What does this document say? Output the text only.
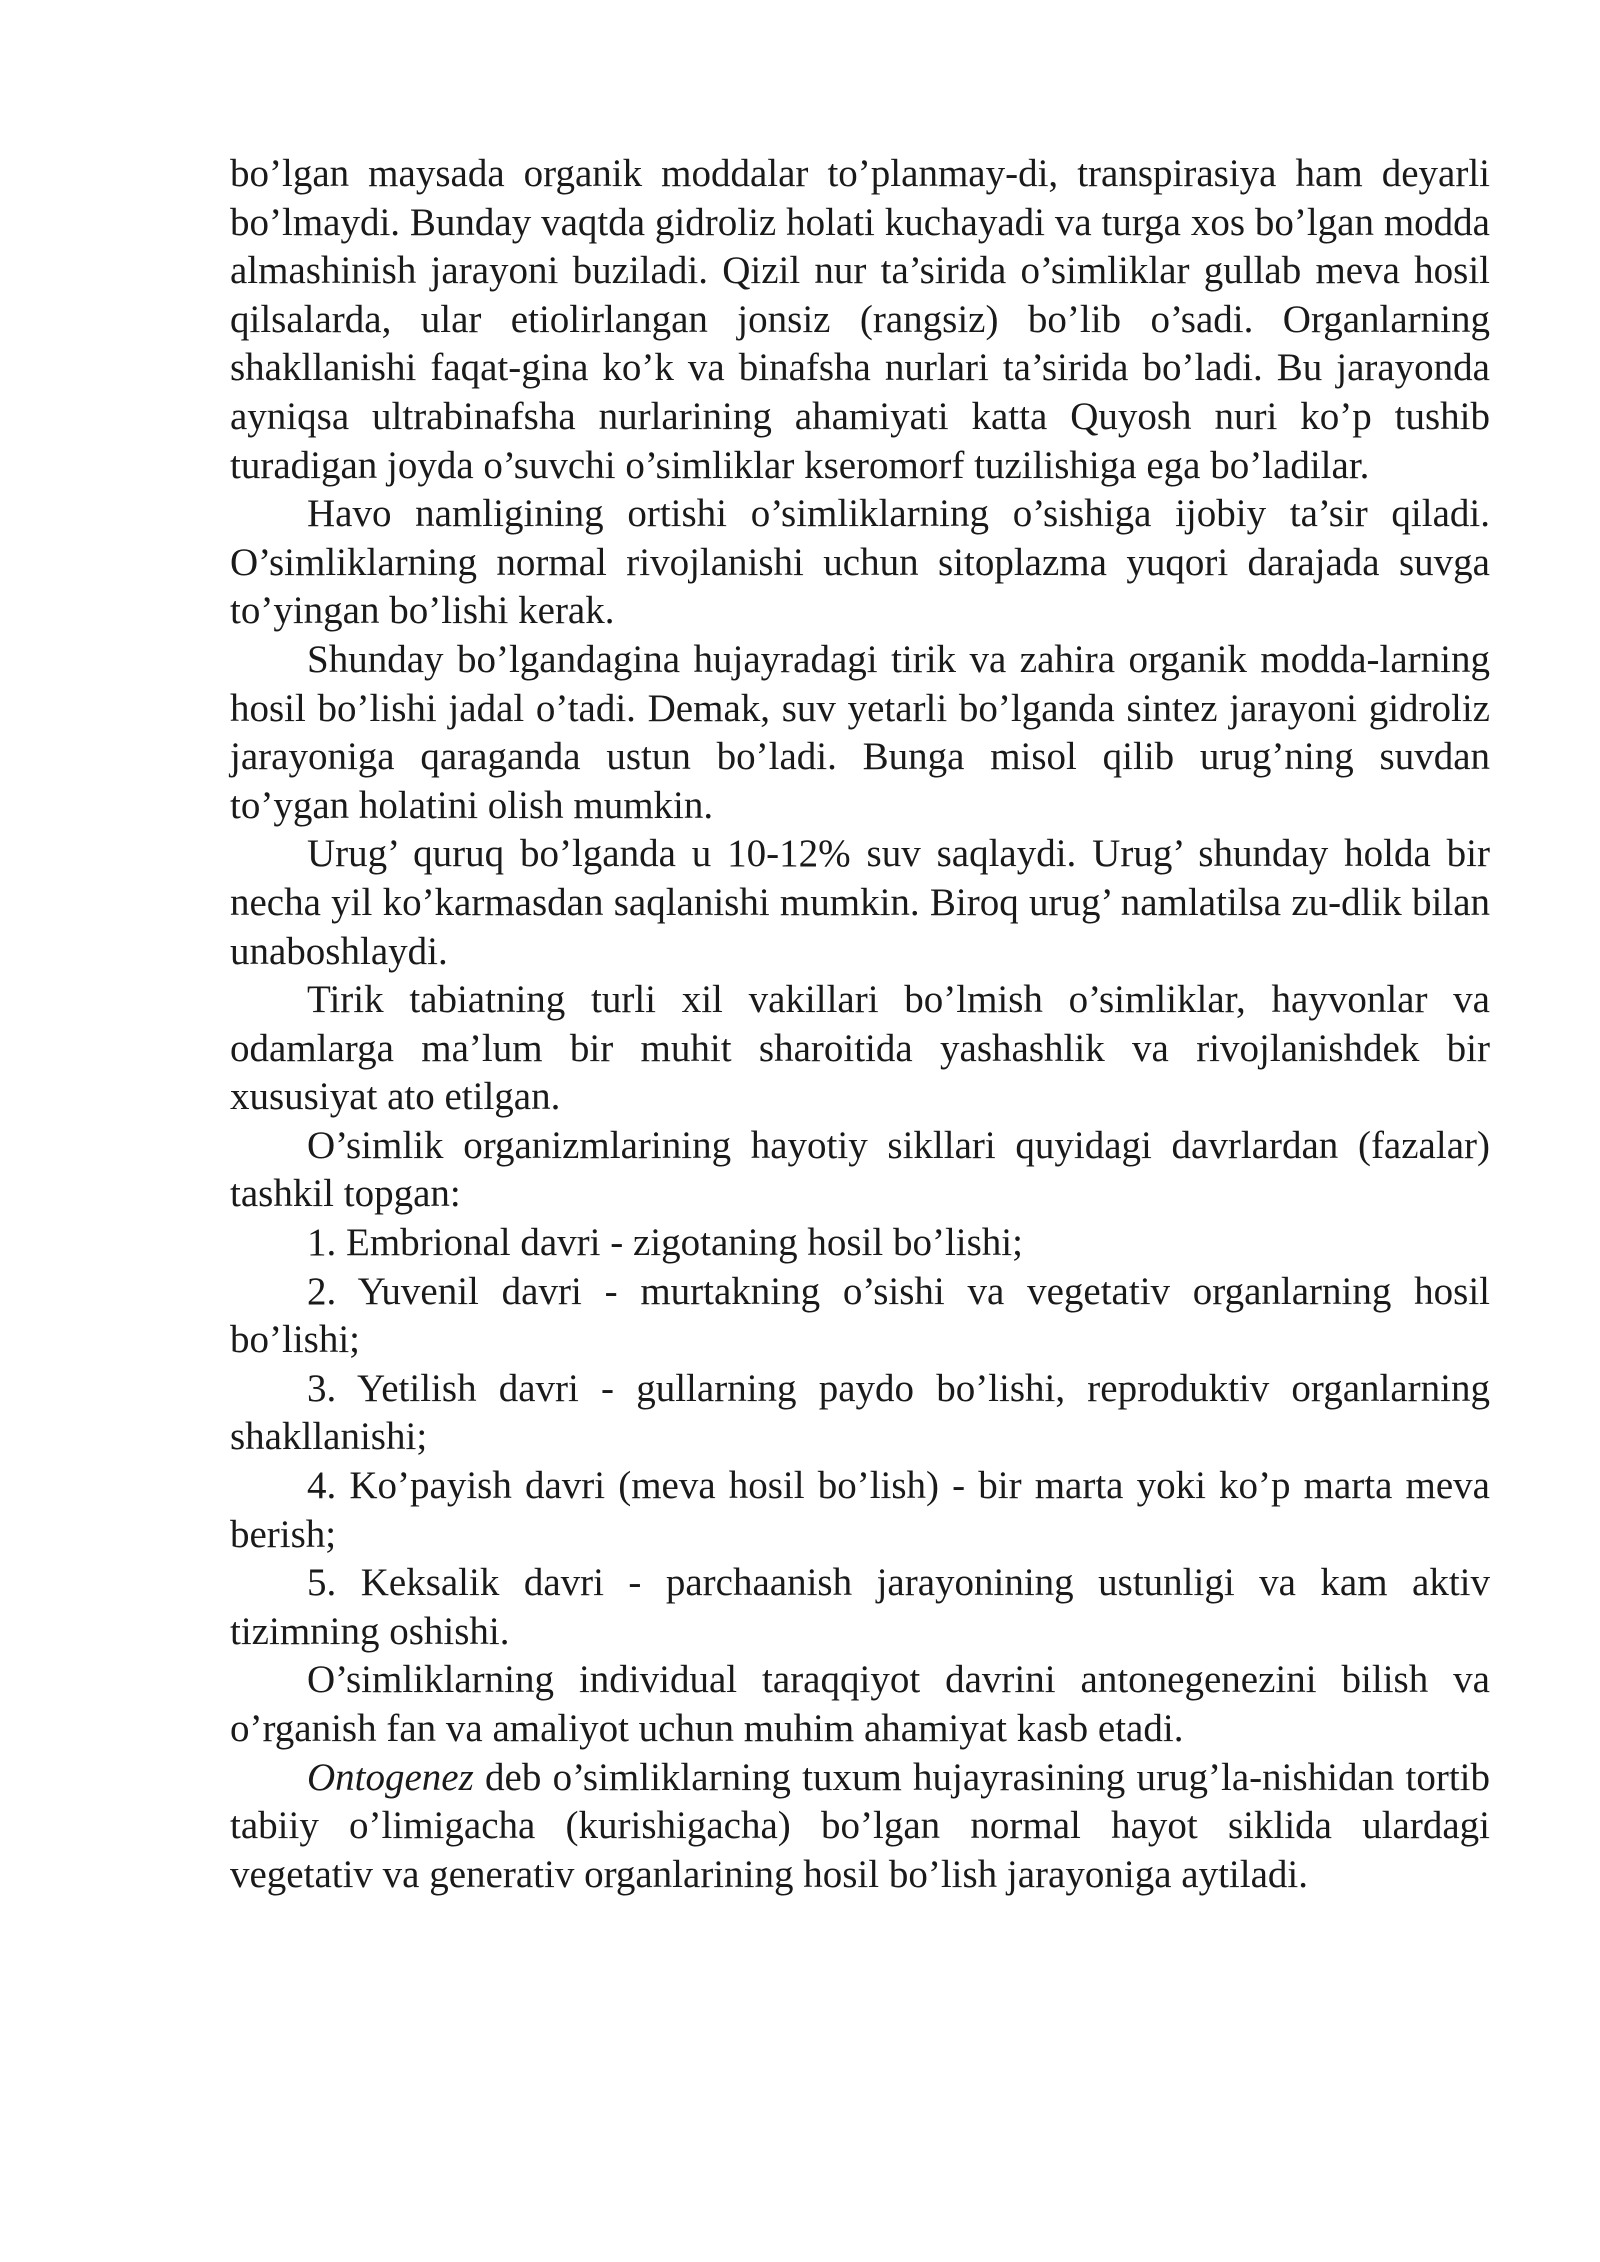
bo’lgan maysada organik moddalar to’planmay-di, transpirasiya ham deyarli bo’lmaydi. Bunday vaqtda gidroliz holati kuchayadi va turga xos bo’lgan modda almashinish jarayoni buziladi. Qizil nur ta’sirida o’simliklar gullab meva hosil qilsalarda, ular etiolirlangan jonsiz (rangsiz) bo’lib o’sadi. Organlarning shakllanishi faqat-gina ko’k va binafsha nurlari ta’sirida bo’ladi. Bu jarayonda ayniqsa ultrabinafsha nurlarining ahamiyati katta Quyosh nuri ko’p tushib turadigan joyda o’suvchi o’simliklar kseromorf tuzilishiga ega bo’ladilar.

Havo namligining ortishi o’simliklarning o’sishiga ijobiy ta’sir qiladi. O’simliklarning normal rivojlanishi uchun sitoplazma yuqori darajada suvga to’yingan bo’lishi kerak.

Shunday bo’lgandagina hujayradagi tirik va zahira organik modda-larning hosil bo’lishi jadal o’tadi. Demak, suv yetarli bo’lganda sintez jarayoni gidroliz jarayoniga qaraganda ustun bo’ladi. Bunga misol qilib urug’ning suvdan to’ygan holatini olish mumkin.

Urug’ quruq bo’lganda u 10-12% suv saqlaydi. Urug’ shunday holda bir necha yil ko’karmasdan saqlanishi mumkin. Biroq urug’ namlatilsa zu-dlik bilan unaboshlaydi.

Tirik tabiatning turli xil vakillari bo’lmish o’simliklar, hayvonlar va odamlarga ma’lum bir muhit sharoitida yashashlik va rivojlanishdek bir xususiyat ato etilgan.

O’simlik organizmlarining hayotiy sikllari quyidagi davrlardan (fazalar) tashkil topgan:

1. Embrional davri - zigotaning hosil bo’lishi;

2. Yuvenil davri - murtakning o’sishi va vegetativ organlarning hosil bo’lishi;

3. Yetilish davri - gullarning paydo bo’lishi, reproduktiv organlarning shakllanishi;

4. Ko’payish davri (meva hosil bo’lish) - bir marta yoki ko’p marta meva berish;

5. Keksalik davri - parchaanish jarayonining ustunligi va kam aktiv tizimning oshishi.

O’simliklarning individual taraqqiyot davrini antonegenezini bilish va o’rganish fan va amaliyot uchun muhim ahamiyat kasb etadi.

Ontogenez deb o’simliklarning tuxum hujayrasining urug’la-nishidan tortib tabiiy o’limigacha (kurishigacha) bo’lgan normal hayot siklida ulardagi vegetativ va generativ organlarining hosil bo’lish jarayoniga aytiladi.
